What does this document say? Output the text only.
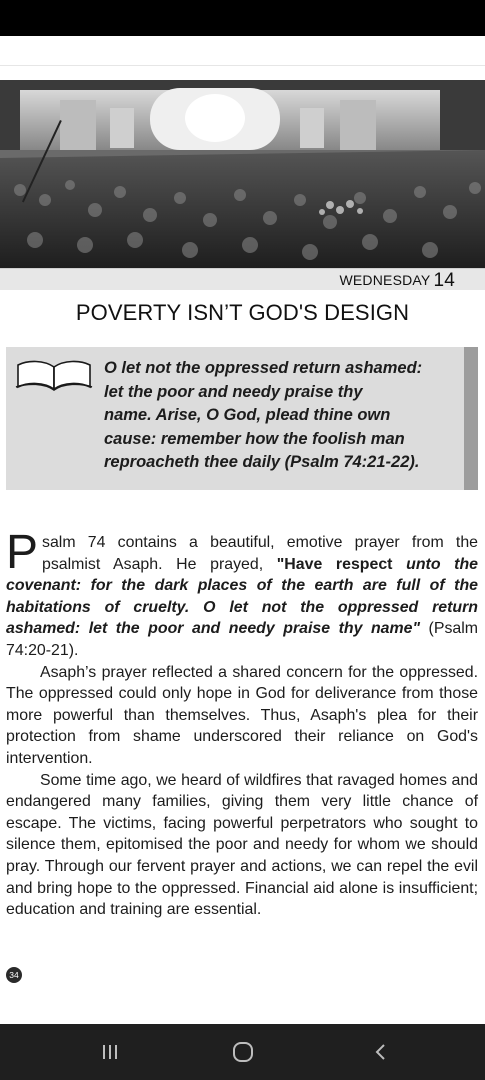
WEDNESDAY 14
POVERTY ISN’T GOD'S DESIGN
O let not the oppressed return ashamed:
let the poor and needy praise thy
name. Arise, O God, plead thine own
cause: remember how the foolish man
reproacheth thee daily (Psalm 74:21-22).

Psalm 74 contains a beautiful, emotive prayer from the psalmist Asaph. He prayed, "Have respect unto the covenant: for the dark places of the earth are full of the habitations of cruelty. O let not the oppressed return ashamed: let the poor and needy praise thy name" (Psalm 74:20-21).

Asaph’s prayer reflected a shared concern for the oppressed. The oppressed could only hope in God for deliverance from those more powerful than themselves. Thus, Asaph's plea for their protection from shame underscored their reliance on God's intervention.

Some time ago, we heard of wildfires that ravaged homes and endangered many families, giving them very little chance of escape. The victims, facing powerful perpetrators who sought to silence them, epitomised the poor and needy for whom we should pray. Through our fervent prayer and actions, we can repel the evil and bring hope to the oppressed. Financial aid alone is insufficient; education and training are essential.

34
